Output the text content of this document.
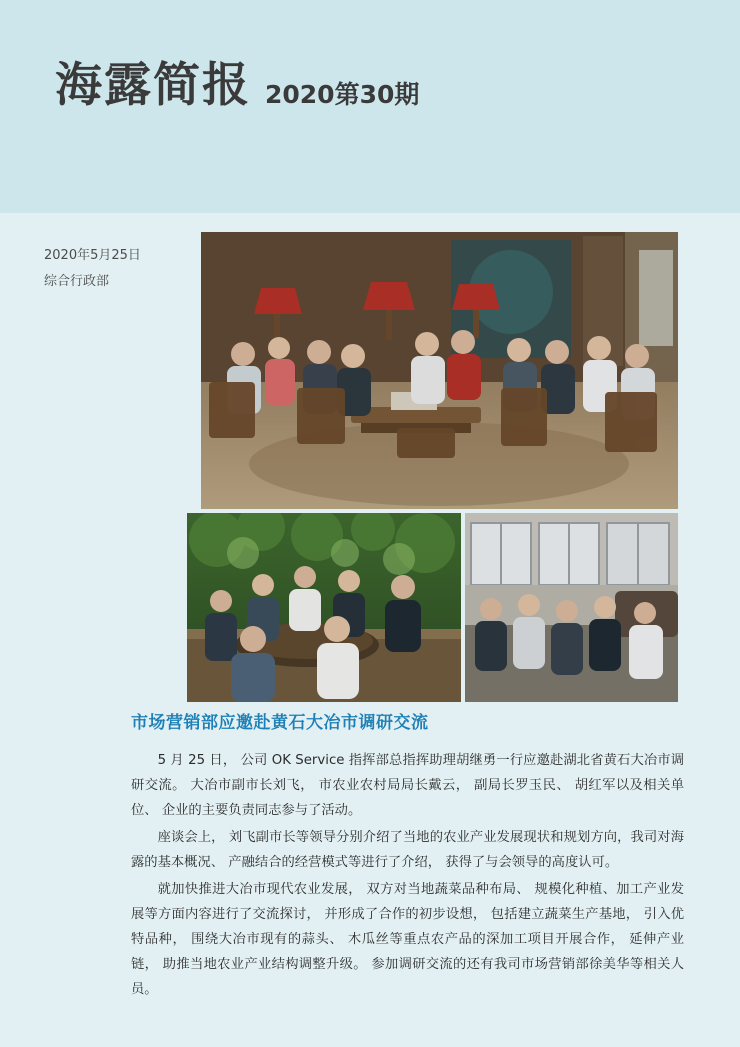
海露简报 2020第30期
2020年5月25日
综合行政部
市场营销部应邀赴黄石大冶市调研交流

5 月 25 日， 公司 OK Service 指挥部总指挥助理胡继勇一行应邀赴湖北省黄石大冶市调研交流。 大冶市副市长刘飞， 市农业农村局局长戴云， 副局长罗玉民、 胡红军以及相关单位、 企业的主要负责同志参与了活动。

座谈会上， 刘飞副市长等领导分别介绍了当地的农业产业发展现状和规划方向，我司对海露的基本概况、 产融结合的经营模式等进行了介绍， 获得了与会领导的高度认可。

就加快推进大冶市现代农业发展， 双方对当地蔬菜品种布局、 规模化种植、加工产业发展等方面内容进行了交流探讨， 并形成了合作的初步设想， 包括建立蔬菜生产基地， 引入优特品种， 围绕大冶市现有的蒜头、 木瓜丝等重点农产品的深加工项目开展合作， 延伸产业链， 助推当地农业产业结构调整升级。 参加调研交流的还有我司市场营销部徐美华等相关人员。
